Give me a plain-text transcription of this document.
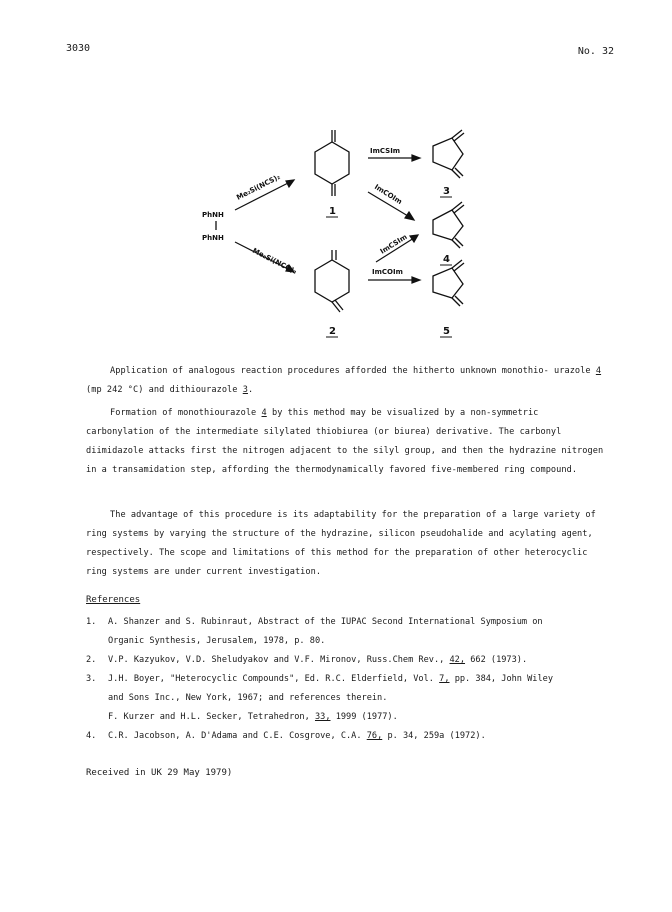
3030	No. 32
PhNH
PhNH
Me₂Si(NCS)₂
Me₂Si(NCO)₂
ImCSIm
ImCOIm
ImCSIm
ImCOIm
1
2
3
4
5
Application of analogous reaction procedures afforded the hitherto unknown monothio- urazole 4 (mp 242 °C) and dithiourazole 3.
Formation of monothiourazole 4 by this method may be visualized by a non-symmetric carbonylation of the intermediate silylated thiobiurea (or biurea) derivative. The carbonyl diimidazole attacks first the nitrogen adjacent to the silyl group, and then the hydrazine nitrogen in a transamidation step, affording the thermodynamically favored five-membered ring compound.
The advantage of this procedure is its adaptability for the preparation of a large variety of ring systems by varying the structure of the hydrazine, silicon pseudohalide and acylating agent, respectively. The scope and limitations of this method for the preparation of other heterocyclic ring systems are under current investigation.
References
1. A. Shanzer and S. Rubinraut, Abstract of the IUPAC Second International Symposium on
Organic Synthesis, Jerusalem, 1978, p. 80.
2. V.P. Kazyukov, V.D. Sheludyakov and V.F. Mironov, Russ.Chem Rev., 42, 662 (1973).
3. J.H. Boyer, "Heterocyclic Compounds", Ed. R.C. Elderfield, Vol. 7, pp. 384, John Wiley
and Sons Inc., New York, 1967; and references therein.
F. Kurzer and H.L. Secker, Tetrahedron, 33, 1999 (1977).
4. C.R. Jacobson, A. D'Adama and C.E. Cosgrove, C.A. 76, p. 34, 259a (1972).
Received in UK 29 May 1979)
